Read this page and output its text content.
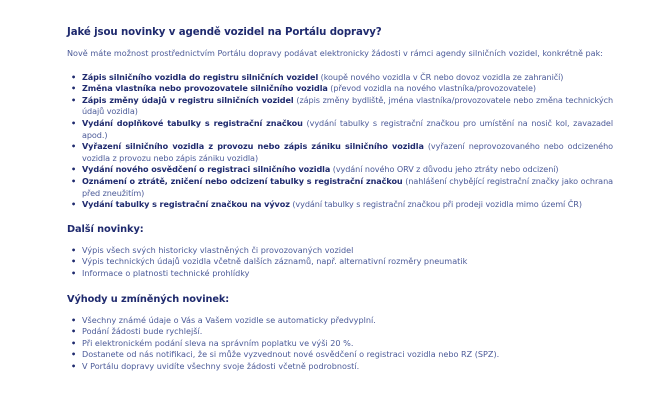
Jaké jsou novinky v agendě vozidel na Portálu dopravy?

Nově máte možnost prostřednictvím Portálu dopravy podávat elektronicky žádosti v rámci agendy silničních vozidel, konkrétně pak:

• Zápis silničního vozidla do registru silničních vozidel (koupě nového vozidla v ČR nebo dovoz vozidla ze zahraničí)
• Změna vlastníka nebo provozovatele silničního vozidla (převod vozidla na nového vlastníka/provozovatele)
• Zápis změny údajů v registru silničních vozidel (zápis změny bydliště, jména vlastníka/provozovatele nebo změna technických údajů vozidla)
• Vydání doplňkové tabulky s registrační značkou (vydání tabulky s registrační značkou pro umístění na nosič kol, zavazadel apod.)
• Vyřazení silničního vozidla z provozu nebo zápis zániku silničního vozidla (vyřazení neprovozovaného nebo odcizeného vozidla z provozu nebo zápis zániku vozidla)
• Vydání nového osvědčení o registraci silničního vozidla (vydání nového ORV z důvodu jeho ztráty nebo odcizení)
• Oznámení o ztrátě, zničení nebo odcizení tabulky s registrační značkou (nahlášení chybějící registrační značky jako ochrana před zneužitím)
• Vydání tabulky s registrační značkou na vývoz (vydání tabulky s registrační značkou při prodeji vozidla mimo území ČR)
Další novinky:
• Výpis všech svých historicky vlastněných či provozovaných vozidel
• Výpis technických údajů vozidla včetně dalších záznamů, např. alternativní rozměry pneumatik
• Informace o platnosti technické prohlídky
Výhody u zmíněných novinek:
• Všechny známé údaje o Vás a Vašem vozidle se automaticky předvyplní.
• Podání žádosti bude rychlejší.
• Při elektronickém podání sleva na správním poplatku ve výši 20 %.
• Dostanete od nás notifikaci, že si může vyzvednout nové osvědčení o registraci vozidla nebo RZ (SPZ).
• V Portálu dopravy uvidíte všechny svoje žádosti včetně podrobností.
